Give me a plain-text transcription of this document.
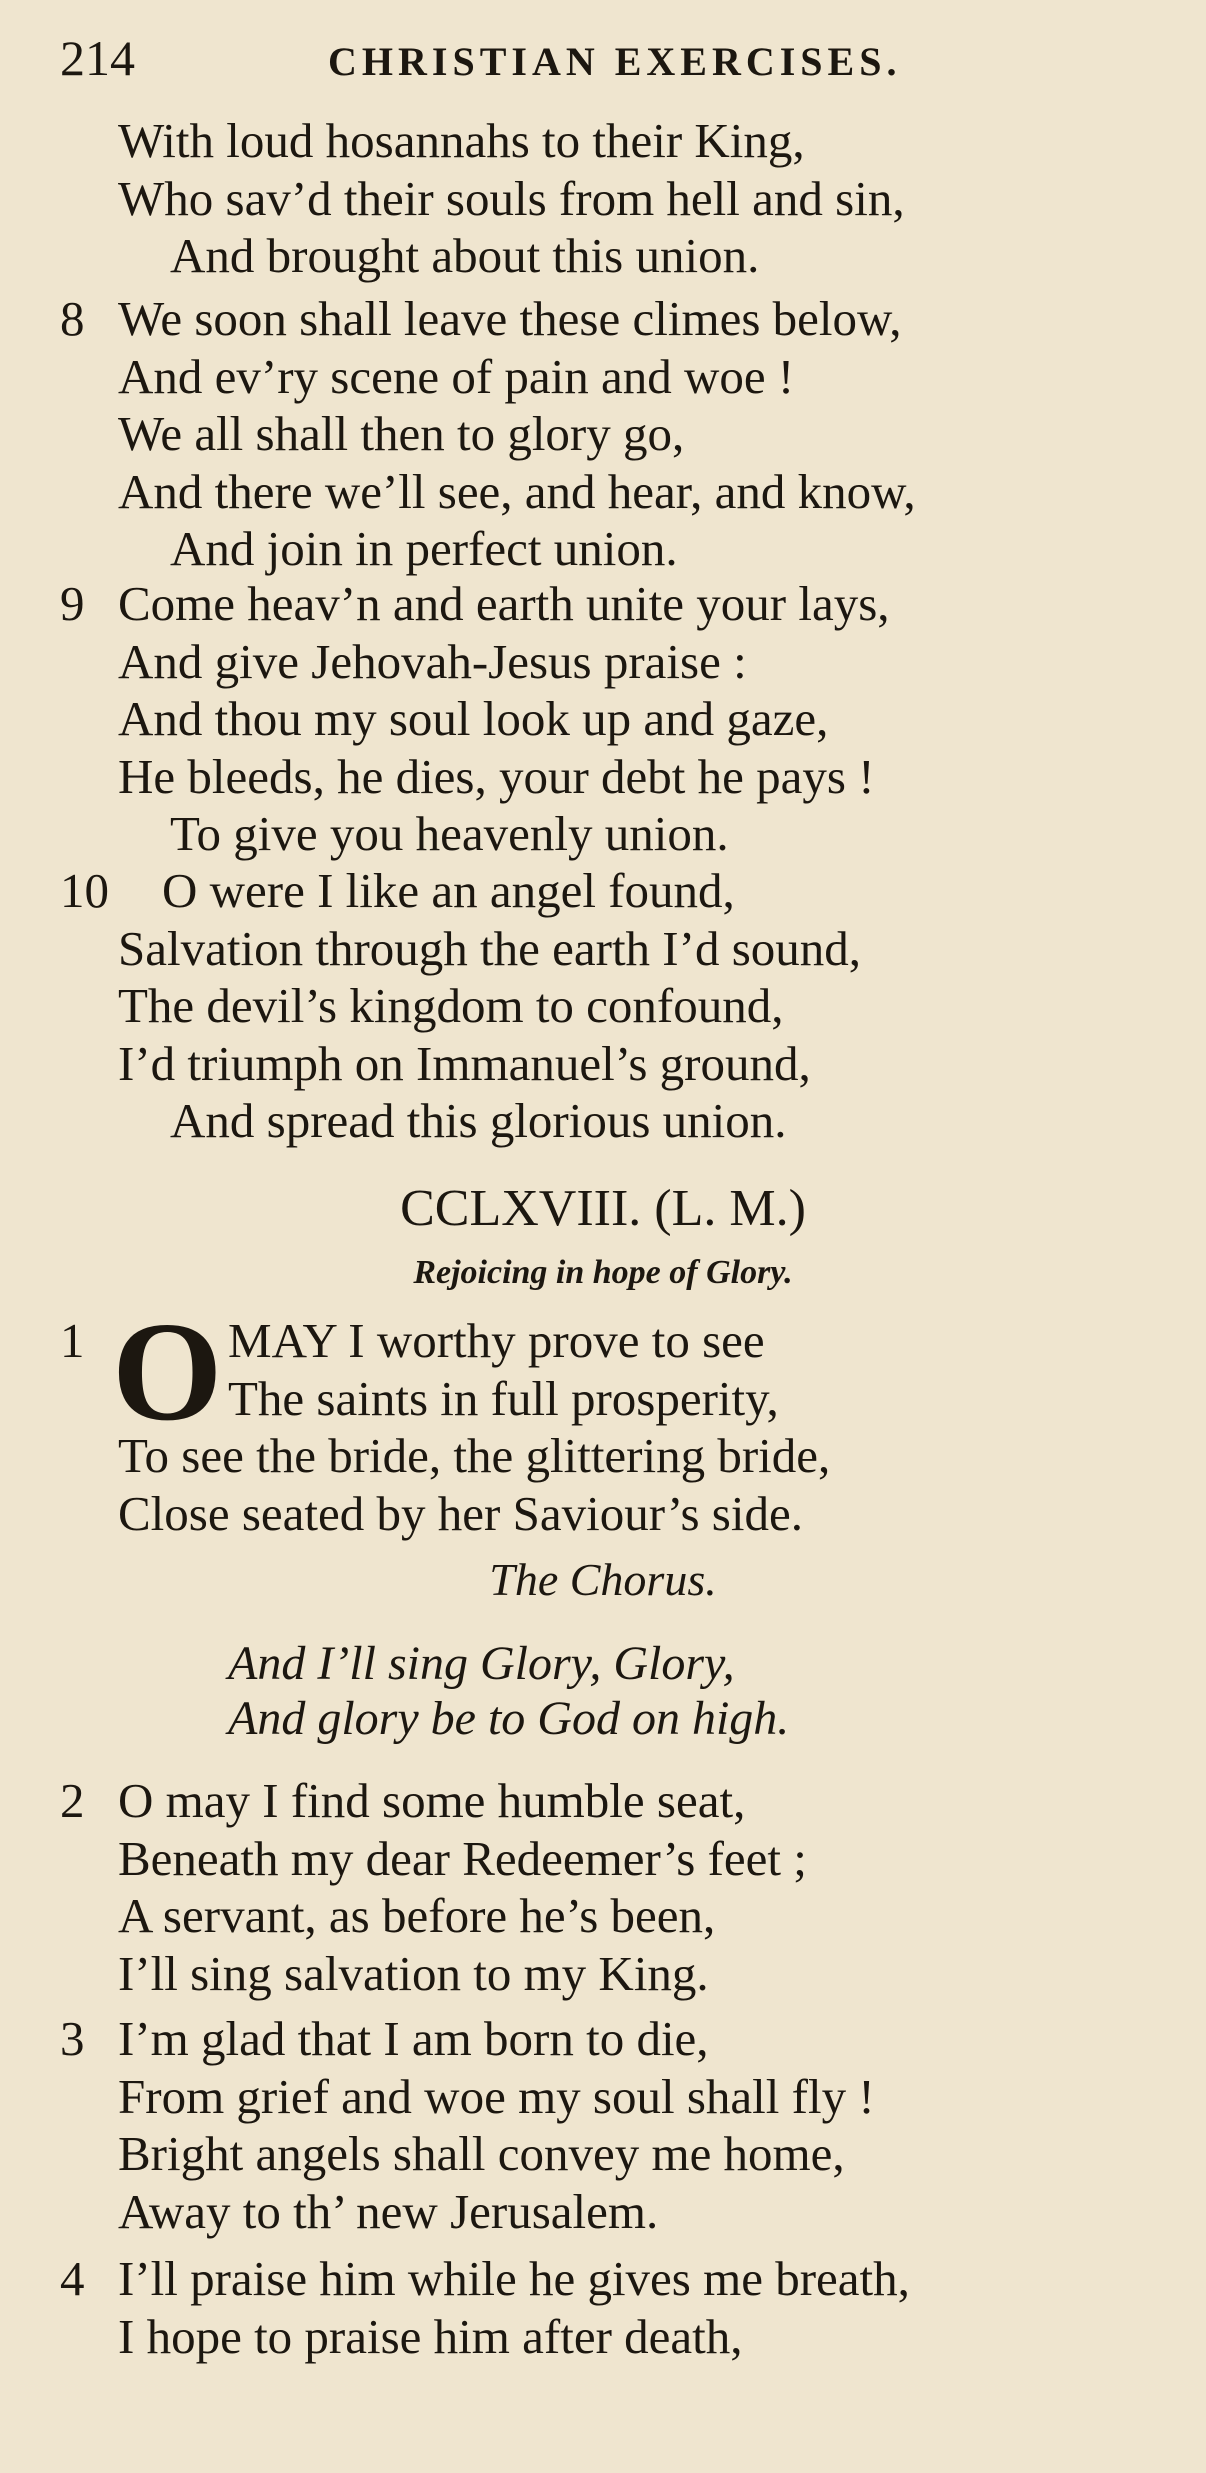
214	CHRISTIAN EXERCISES.
With loud hosannahs to their King,
Who sav’d their souls from hell and sin,
And brought about this union.
8 We soon shall leave these climes below,
And ev’ry scene of pain and woe !
We all shall then to glory go,
And there we’ll see, and hear, and know,
And join in perfect union.
9 Come heav’n and earth unite your lays,
And give Jehovah-Jesus praise :
And thou my soul look up and gaze,
He bleeds, he dies, your debt he pays !
To give you heavenly union.
10 O were I like an angel found,
Salvation through the earth I’d sound,
The devil’s kingdom to confound,
I’d triumph on Immanuel’s ground,
And spread this glorious union.
CCLXVIII. (L. M.)
Rejoicing in hope of Glory.
O
1	MAY I worthy prove to see
The saints in full prosperity,
To see the bride, the glittering bride,
Close seated by her Saviour’s side.
The Chorus.
And I’ll sing Glory, Glory,
And glory be to God on high.
2 O may I find some humble seat,
Beneath my dear Redeemer’s feet ;
A servant, as before he’s been,
I’ll sing salvation to my King.
3 I’m glad that I am born to die,
From grief and woe my soul shall fly !
Bright angels shall convey me home,
Away to th’ new Jerusalem.
4 I’ll praise him while he gives me breath,
I hope to praise him after death,
